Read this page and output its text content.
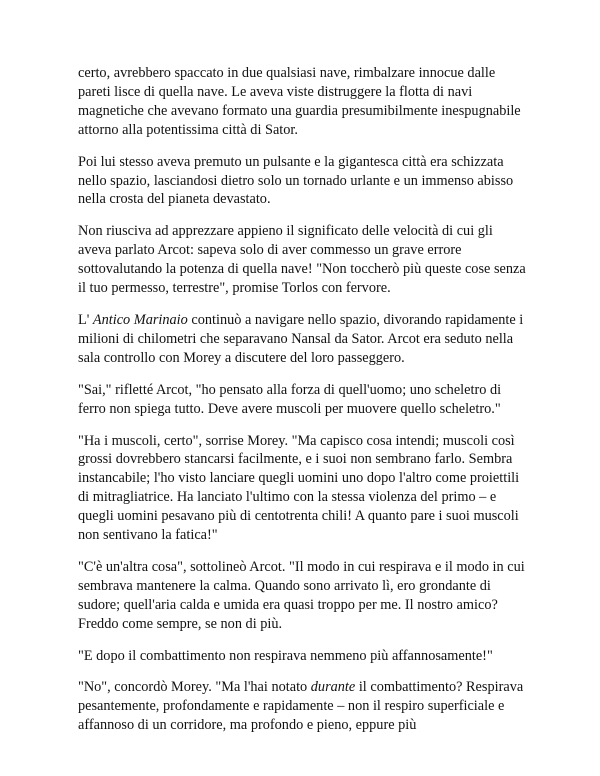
certo, avrebbero spaccato in due qualsiasi nave, rimbalzare innocue dalle pareti lisce di quella nave. Le aveva viste distruggere la flotta di navi magnetiche che avevano formato una guardia presumibilmente inespugnabile attorno alla potentissima città di Sator.

Poi lui stesso aveva premuto un pulsante e la gigantesca città era schizzata nello spazio, lasciandosi dietro solo un tornado urlante e un immenso abisso nella crosta del pianeta devastato.

Non riusciva ad apprezzare appieno il significato delle velocità di cui gli aveva parlato Arcot: sapeva solo di aver commesso un grave errore sottovalutando la potenza di quella nave! "Non toccherò più queste cose senza il tuo permesso, terrestre", promise Torlos con fervore.

L' Antico Marinaio continuò a navigare nello spazio, divorando rapidamente i milioni di chilometri che separavano Nansal da Sator. Arcot era seduto nella sala controllo con Morey a discutere del loro passeggero.

"Sai," rifletté Arcot, "ho pensato alla forza di quell'uomo; uno scheletro di ferro non spiega tutto. Deve avere muscoli per muovere quello scheletro."

"Ha i muscoli, certo", sorrise Morey. "Ma capisco cosa intendi; muscoli così grossi dovrebbero stancarsi facilmente, e i suoi non sembrano farlo. Sembra instancabile; l'ho visto lanciare quegli uomini uno dopo l'altro come proiettili di mitragliatrice. Ha lanciato l'ultimo con la stessa violenza del primo – e quegli uomini pesavano più di centotrenta chili! A quanto pare i suoi muscoli non sentivano la fatica!"

"C'è un'altra cosa", sottolineò Arcot. "Il modo in cui respirava e il modo in cui sembrava mantenere la calma. Quando sono arrivato lì, ero grondante di sudore; quell'aria calda e umida era quasi troppo per me. Il nostro amico? Freddo come sempre, se non di più.

"E dopo il combattimento non respirava nemmeno più affannosamente!"

"No", concordò Morey. "Ma l'hai notato durante il combattimento? Respirava pesantemente, profondamente e rapidamente – non il respiro superficiale e affannoso di un corridore, ma profondo e pieno, eppure più
